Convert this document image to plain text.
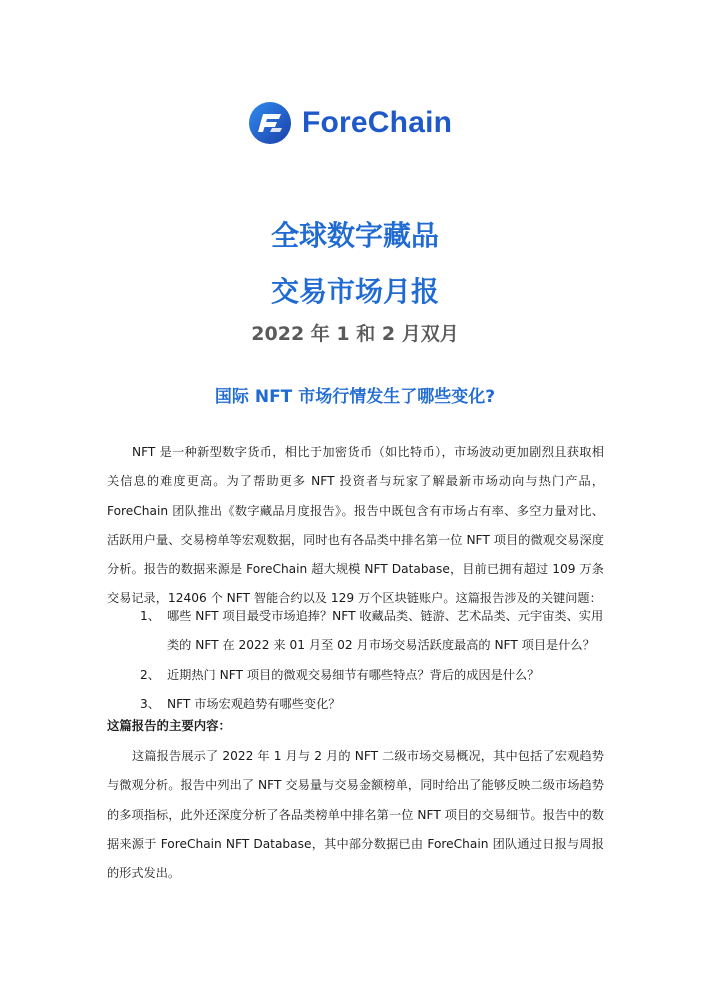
ForeChain
全球数字藏品
交易市场月报
2022 年 1 和 2 月双月
国际 NFT 市场行情发生了哪些变化?

NFT 是一种新型数字货币，相比于加密货币（如比特币），市场波动更加剧烈且获取相关信息的难度更高。为了帮助更多 NFT 投资者与玩家了解最新市场动向与热门产品，ForeChain 团队推出《数字藏品月度报告》。报告中既包含有市场占有率、多空力量对比、活跃用户量、交易榜单等宏观数据，同时也有各品类中排名第一位 NFT 项目的微观交易深度分析。报告的数据来源是 ForeChain 超大规模 NFT Database，目前已拥有超过 109 万条交易记录，12406 个 NFT 智能合约以及 129 万个区块链账户。这篇报告涉及的关键问题：

1、 哪些 NFT 项目最受市场追捧？NFT 收藏品类、链游、艺术品类、元宇宙类、实用类的 NFT 在 2022 来 01 月至 02 月市场交易活跃度最高的 NFT 项目是什么？
2、 近期热门 NFT 项目的微观交易细节有哪些特点？背后的成因是什么？
3、 NFT 市场宏观趋势有哪些变化？
这篇报告的主要内容：

这篇报告展示了 2022 年 1 月与 2 月的 NFT 二级市场交易概况，其中包括了宏观趋势与微观分析。报告中列出了 NFT 交易量与交易金额榜单，同时给出了能够反映二级市场趋势的多项指标，此外还深度分析了各品类榜单中排名第一位 NFT 项目的交易细节。报告中的数据来源于 ForeChain NFT Database，其中部分数据已由 ForeChain 团队通过日报与周报的形式发出。
